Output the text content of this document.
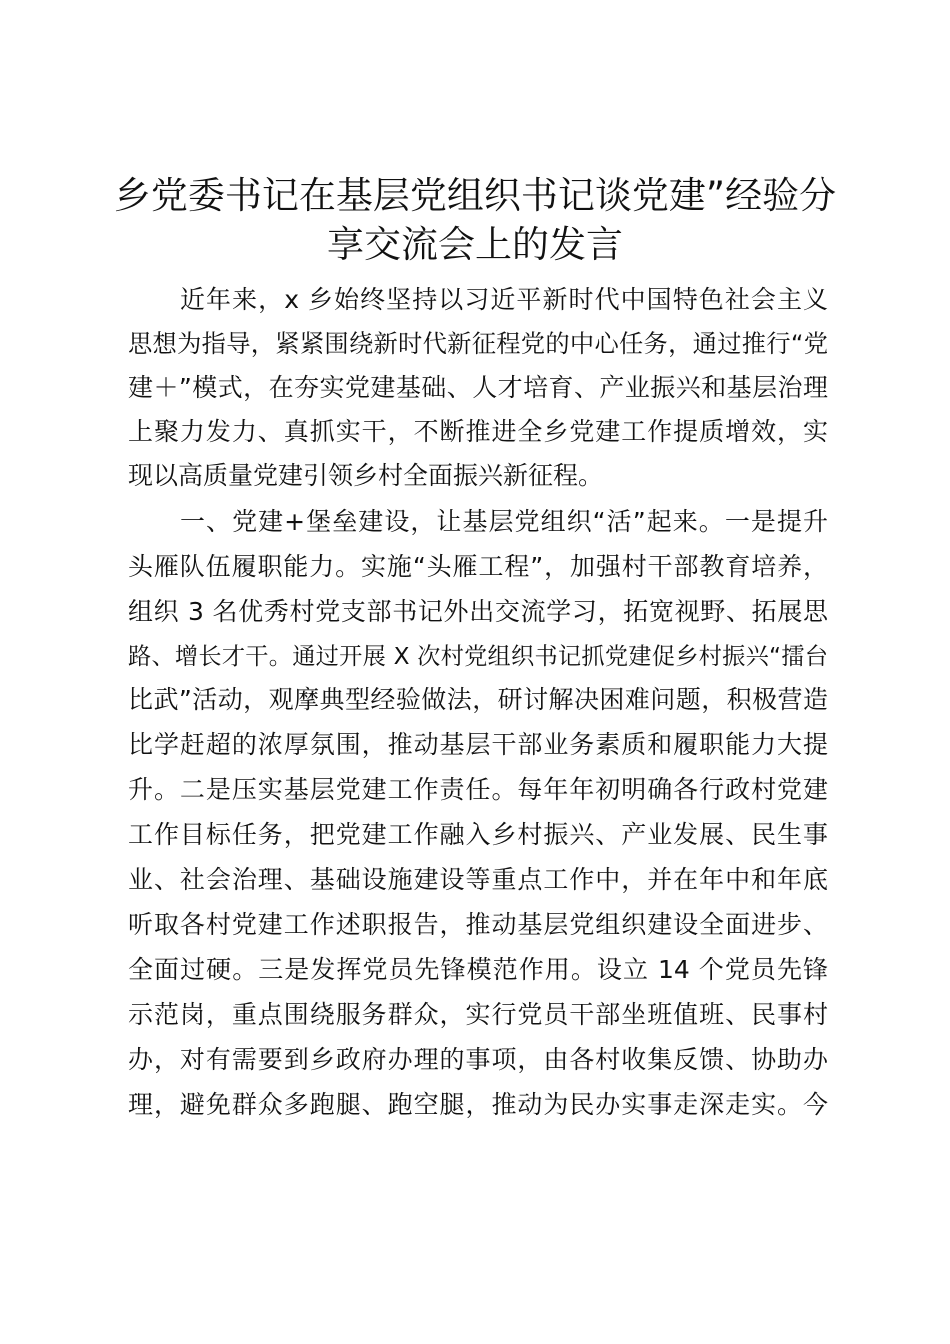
乡党委书记在基层党组织书记谈党建”经验分
享交流会上的发言
近年来，x 乡始终坚持以习近平新时代中国特色社会主义
思想为指导，紧紧围绕新时代新征程党的中心任务，通过推行“党
建＋”模式，在夯实党建基础、人才培育、产业振兴和基层治理
上聚力发力、真抓实干，不断推进全乡党建工作提质增效，实
现以高质量党建引领乡村全面振兴新征程。
一、党建+堡垒建设，让基层党组织“活”起来。一是提升
头雁队伍履职能力。实施“头雁工程”，加强村干部教育培养，
组织 3 名优秀村党支部书记外出交流学习，拓宽视野、拓展思
路、增长才干。通过开展 X 次村党组织书记抓党建促乡村振兴“擂台
比武”活动，观摩典型经验做法，研讨解决困难问题，积极营造
比学赶超的浓厚氛围，推动基层干部业务素质和履职能力大提
升。二是压实基层党建工作责任。每年年初明确各行政村党建
工作目标任务，把党建工作融入乡村振兴、产业发展、民生事
业、社会治理、基础设施建设等重点工作中，并在年中和年底
听取各村党建工作述职报告，推动基层党组织建设全面进步、
全面过硬。三是发挥党员先锋模范作用。设立 14 个党员先锋
示范岗，重点围绕服务群众，实行党员干部坐班值班、民事村
办，对有需要到乡政府办理的事项，由各村收集反馈、协助办
理，避免群众多跑腿、跑空腿，推动为民办实事走深走实。今
